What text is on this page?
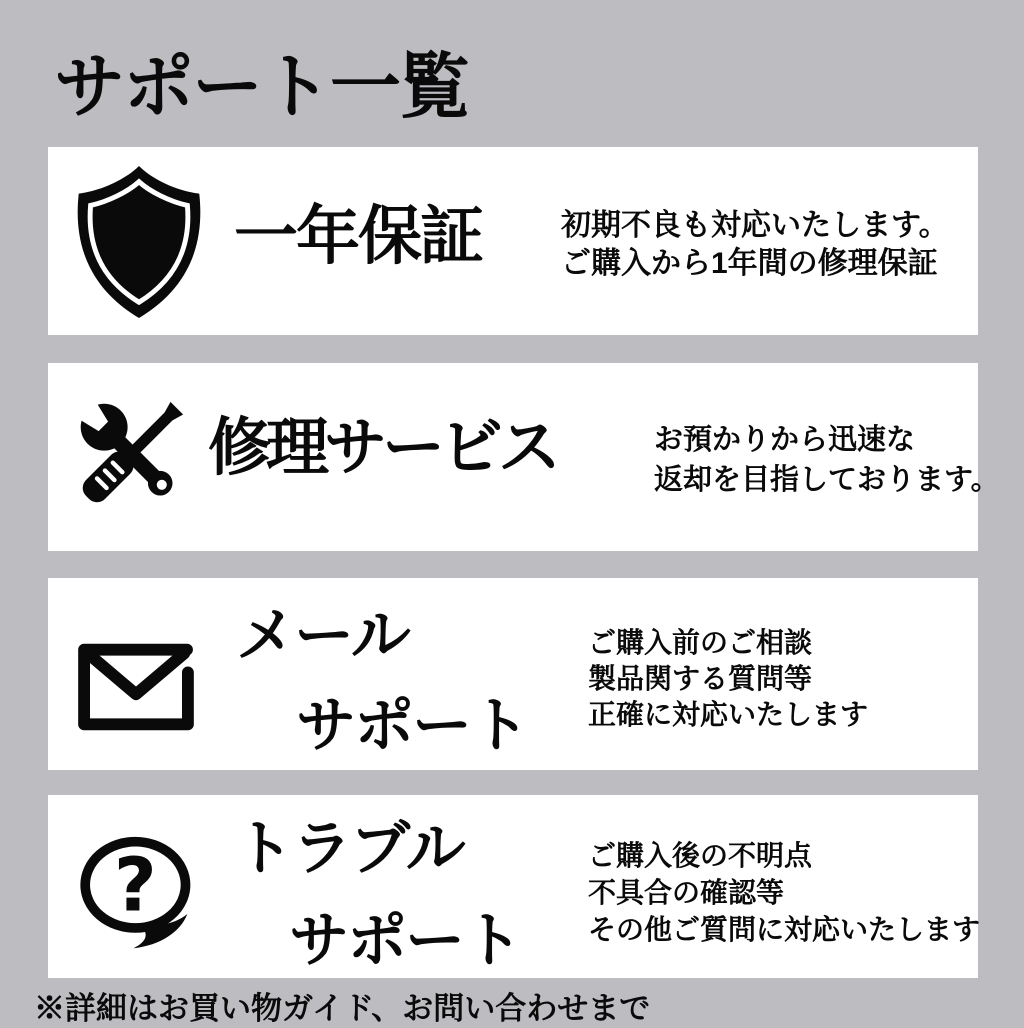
サポート一覧
一年保証	初期不良も対応いたします。
ご購入から1年間の修理保証
修理サービス	お預かりから迅速な
返却を目指しております。
メール
サポート
ご購入前のご相談
製品関する質問等
正確に対応いたします
? トラブル
サポート
ご購入後の不明点
不具合の確認等
その他ご質問に対応いたします
※詳細はお買い物ガイド、お問い合わせまで
